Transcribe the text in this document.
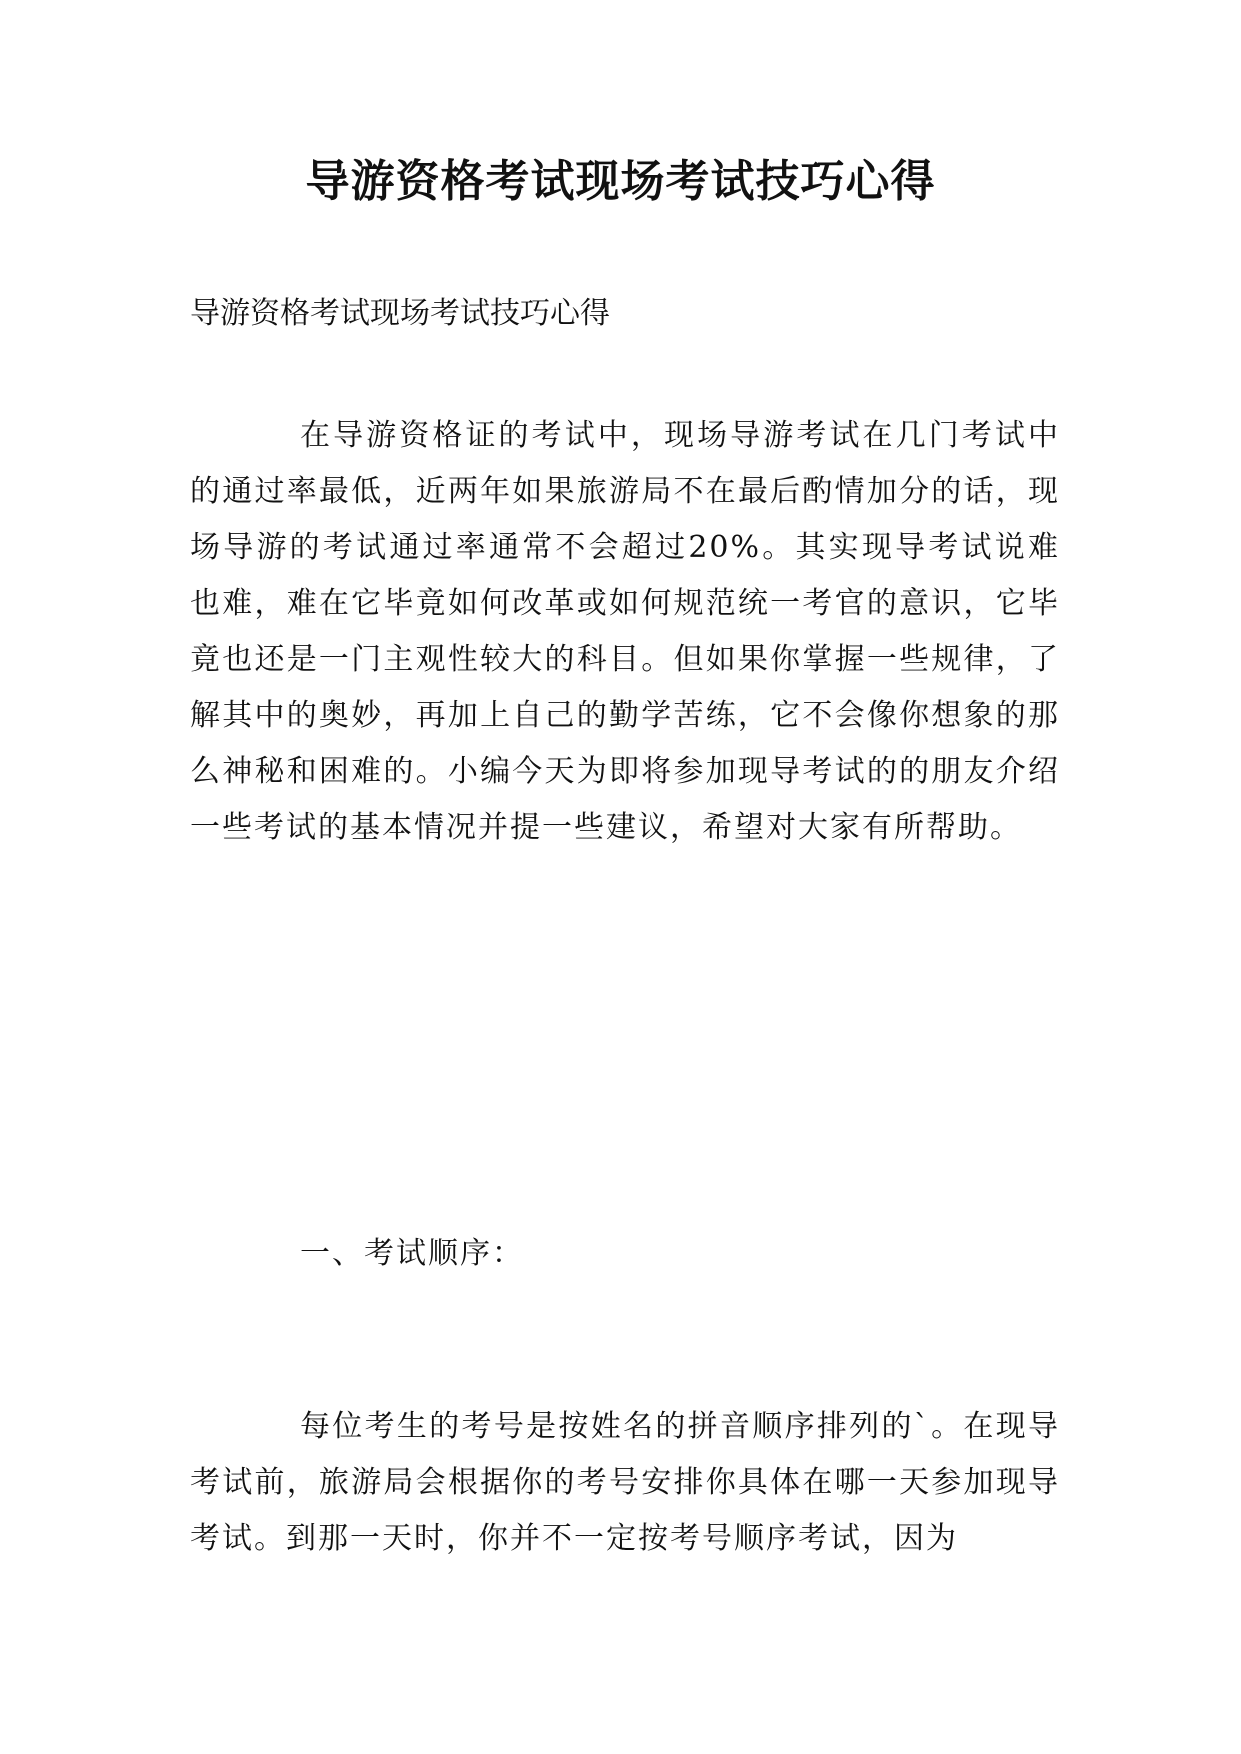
导游资格考试现场考试技巧心得

导游资格考试现场考试技巧心得

在导游资格证的考试中，现场导游考试在几门考试中的通过率最低，近两年如果旅游局不在最后酌情加分的话，现场导游的考试通过率通常不会超过20%。其实现导考试说难也难，难在它毕竟如何改革或如何规范统一考官的意识，它毕竟也还是一门主观性较大的科目。但如果你掌握一些规律，了解其中的奥妙，再加上自己的勤学苦练，它不会像你想象的那么神秘和困难的。小编今天为即将参加现导考试的的朋友介绍一些考试的基本情况并提一些建议，希望对大家有所帮助。

一、考试顺序：

每位考生的考号是按姓名的拼音顺序排列的`。在现导考试前，旅游局会根据你的考号安排你具体在哪一天参加现导考试。到那一天时，你并不一定按考号顺序考试，因为
